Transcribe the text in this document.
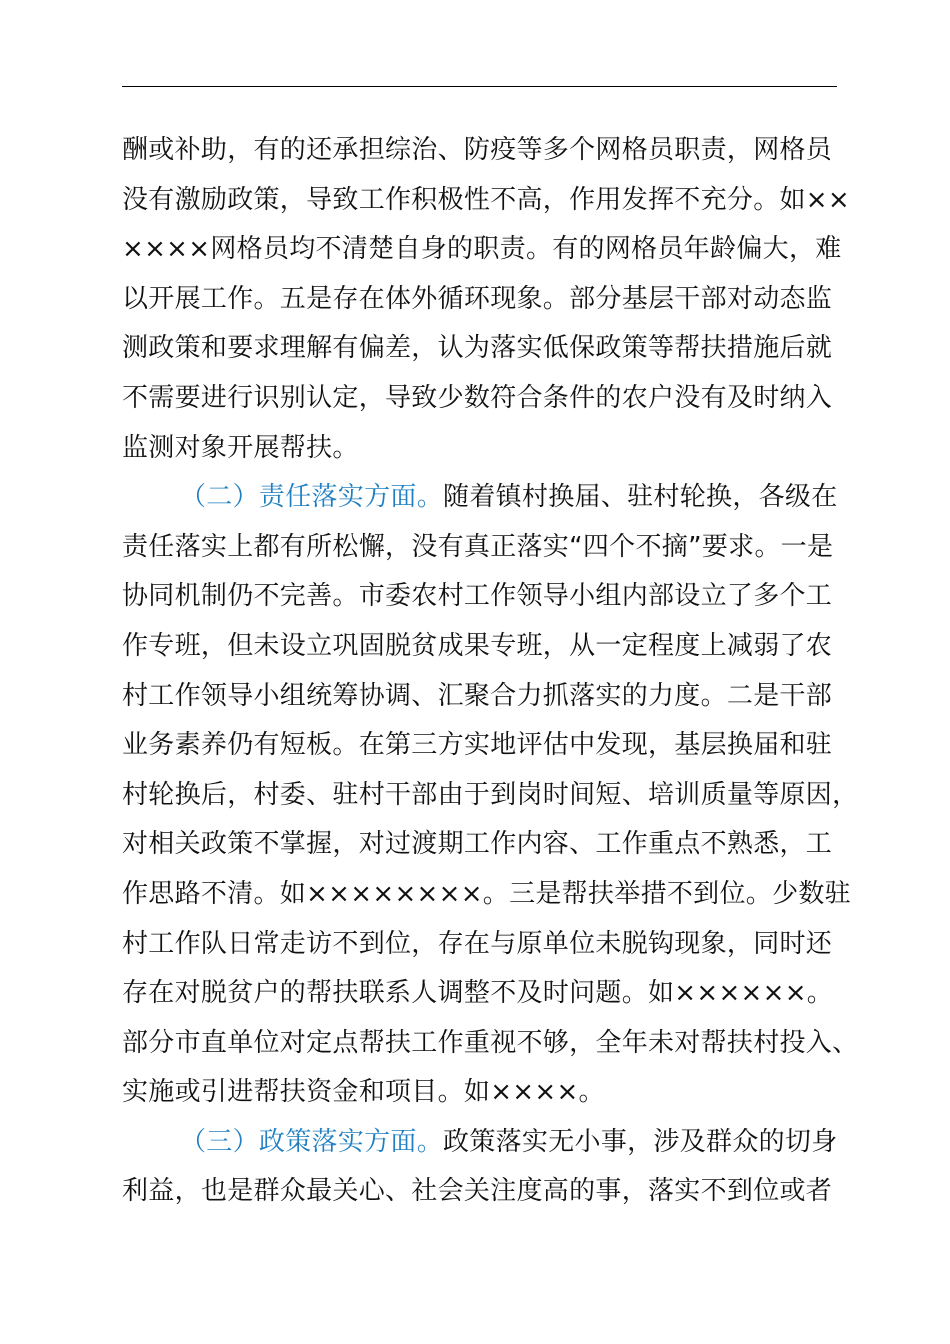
酬或补助，有的还承担综治、防疫等多个网格员职责，网格员
没有激励政策，导致工作积极性不高，作用发挥不充分。如××
××××网格员均不清楚自身的职责。有的网格员年龄偏大，难
以开展工作。五是存在体外循环现象。部分基层干部对动态监
测政策和要求理解有偏差，认为落实低保政策等帮扶措施后就
不需要进行识别认定，导致少数符合条件的农户没有及时纳入
监测对象开展帮扶。
（二）责任落实方面。随着镇村换届、驻村轮换，各级在
责任落实上都有所松懈，没有真正落实“四个不摘”要求。一是
协同机制仍不完善。市委农村工作领导小组内部设立了多个工
作专班，但未设立巩固脱贫成果专班，从一定程度上减弱了农
村工作领导小组统筹协调、汇聚合力抓落实的力度。二是干部
业务素养仍有短板。在第三方实地评估中发现，基层换届和驻
村轮换后，村委、驻村干部由于到岗时间短、培训质量等原因，
对相关政策不掌握，对过渡期工作内容、工作重点不熟悉，工
作思路不清。如××××××××。三是帮扶举措不到位。少数驻
村工作队日常走访不到位，存在与原单位未脱钩现象，同时还
存在对脱贫户的帮扶联系人调整不及时问题。如××××××。
部分市直单位对定点帮扶工作重视不够，全年未对帮扶村投入、
实施或引进帮扶资金和项目。如××××。
（三）政策落实方面。政策落实无小事，涉及群众的切身
利益，也是群众最关心、社会关注度高的事，落实不到位或者
